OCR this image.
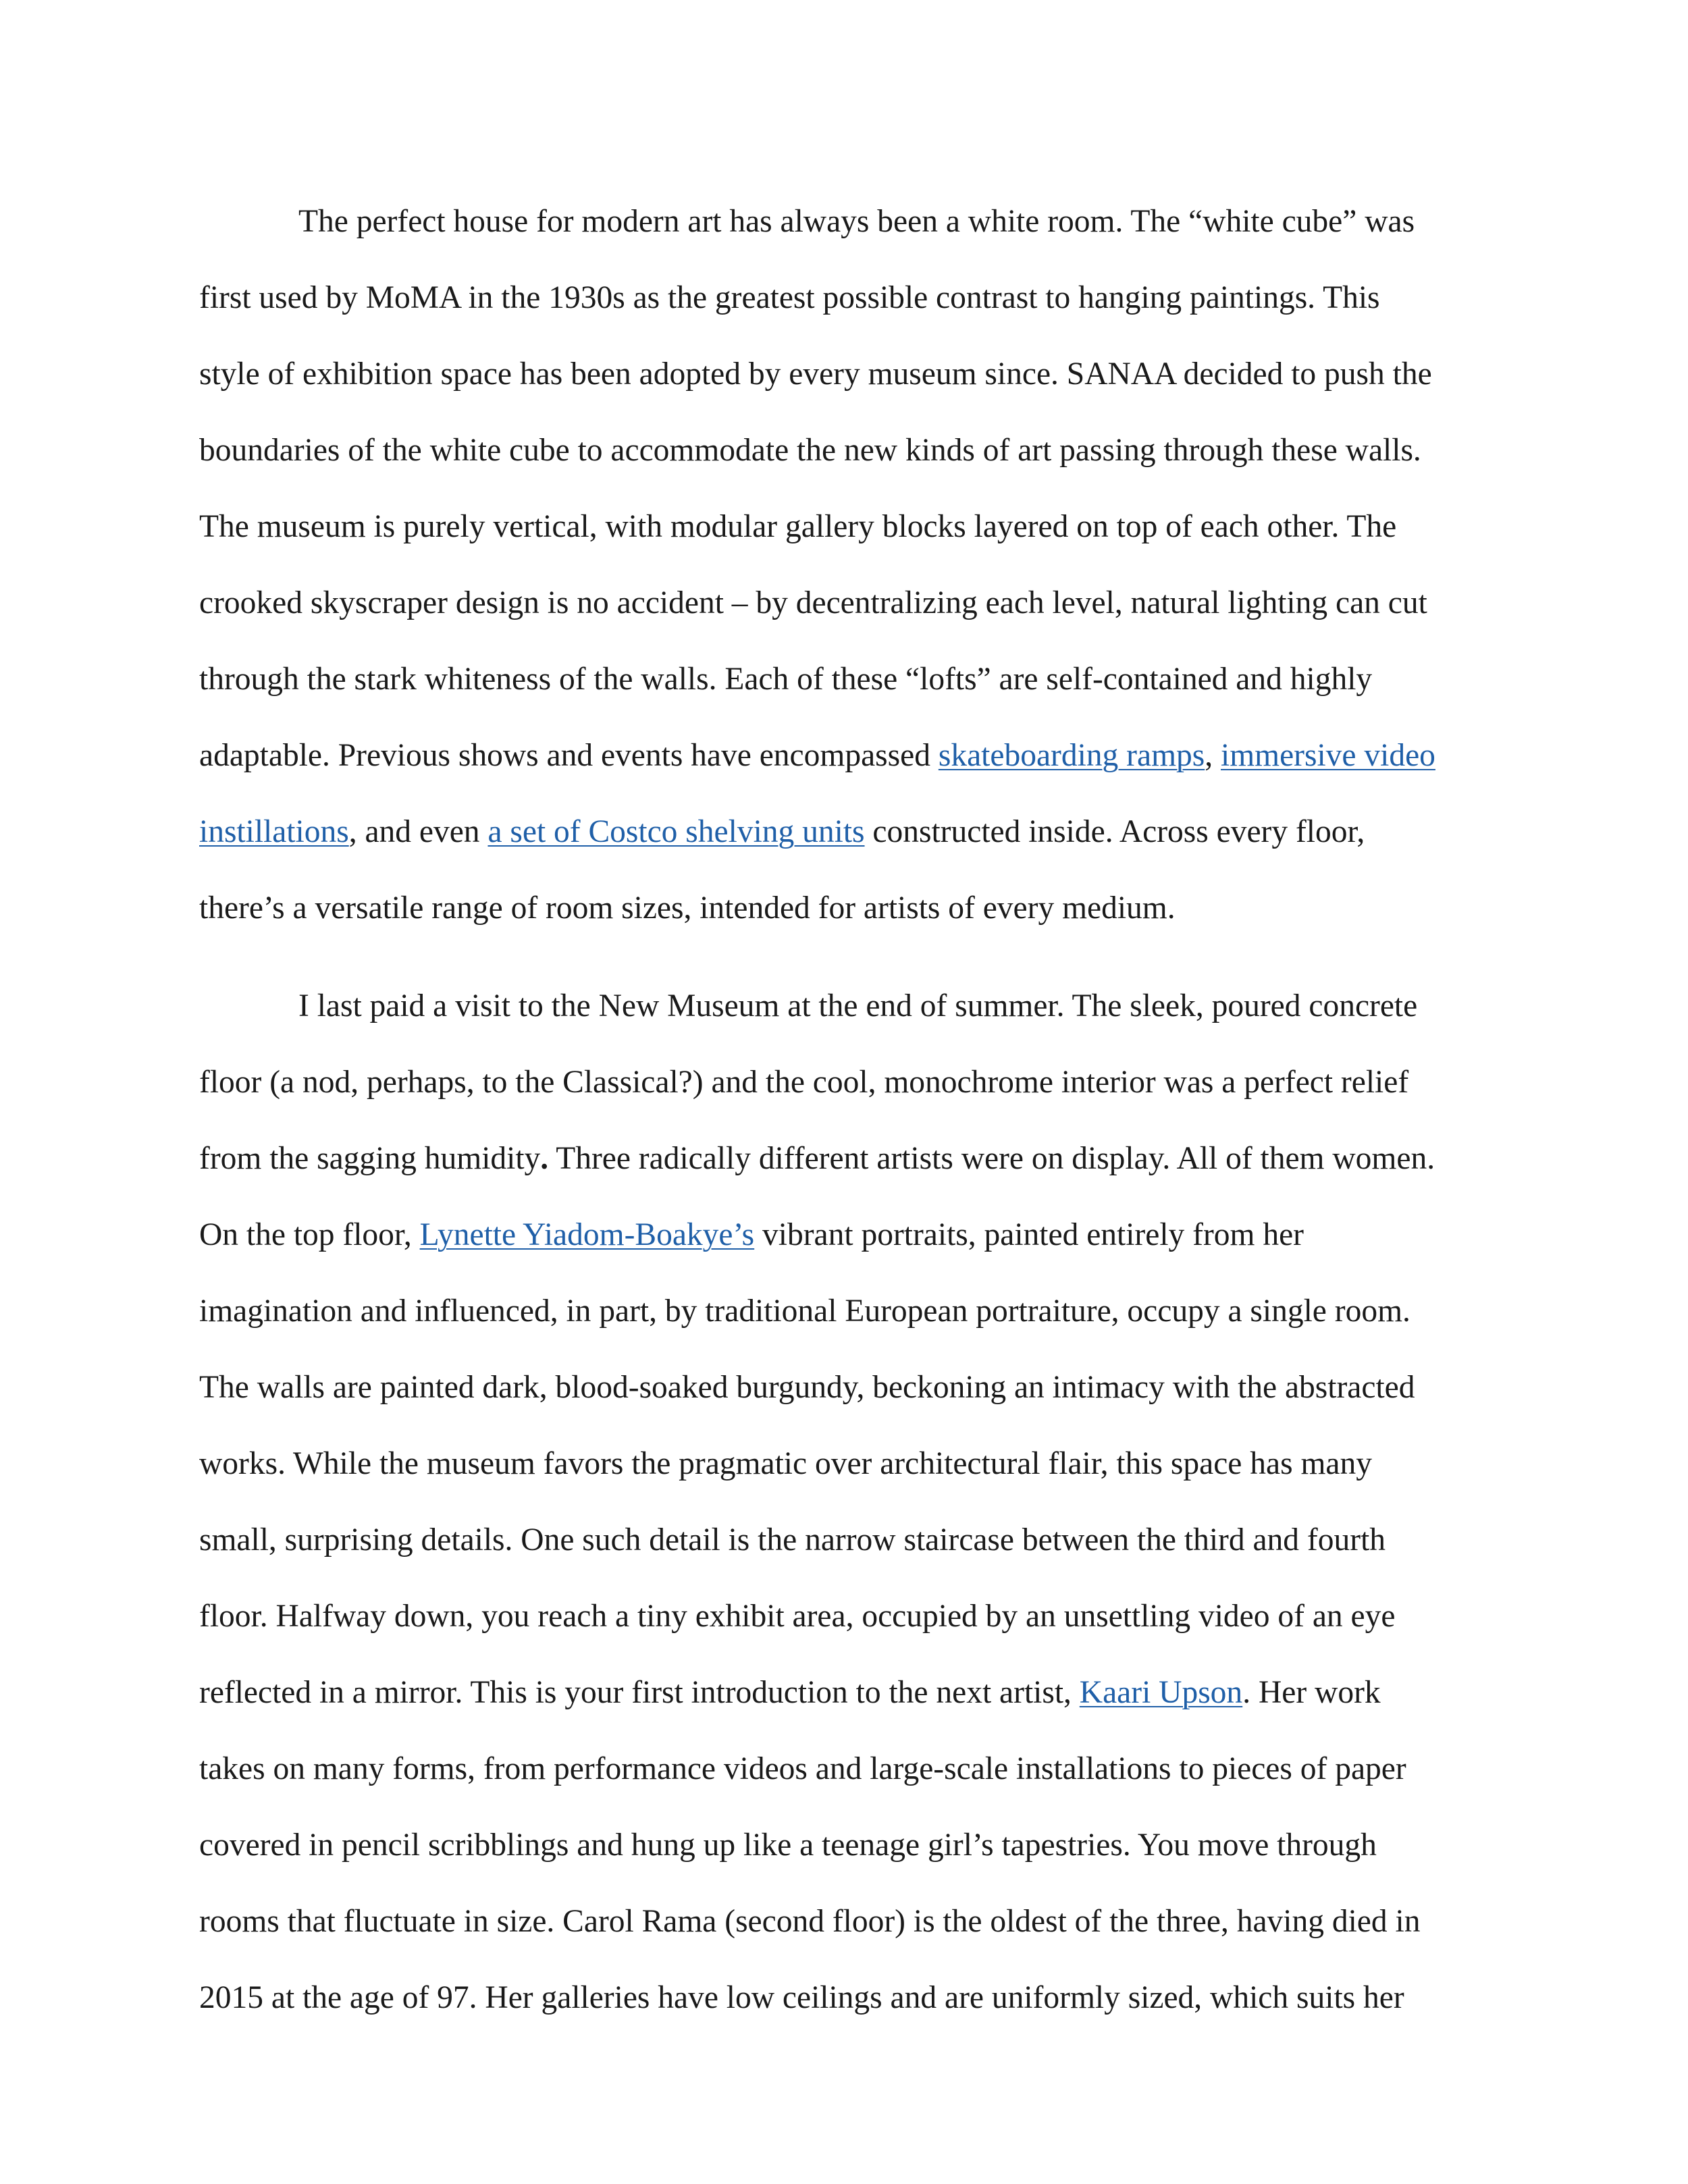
The perfect house for modern art has always been a white room. The “white cube” was
first used by MoMA in the 1930s as the greatest possible contrast to hanging paintings. This
style of exhibition space has been adopted by every museum since. SANAA decided to push the
boundaries of the white cube to accommodate the new kinds of art passing through these walls.
The museum is purely vertical, with modular gallery blocks layered on top of each other. The
crooked skyscraper design is no accident – by decentralizing each level, natural lighting can cut
through the stark whiteness of the walls. Each of these “lofts” are self-contained and highly
adaptable. Previous shows and events have encompassed skateboarding ramps, immersive video
instillations, and even a set of Costco shelving units constructed inside. Across every floor,
there’s a versatile range of room sizes, intended for artists of every medium.
I last paid a visit to the New Museum at the end of summer. The sleek, poured concrete
floor (a nod, perhaps, to the Classical?) and the cool, monochrome interior was a perfect relief
from the sagging humidity. Three radically different artists were on display. All of them women.
On the top floor, Lynette Yiadom-Boakye’s vibrant portraits, painted entirely from her
imagination and influenced, in part, by traditional European portraiture, occupy a single room.
The walls are painted dark, blood-soaked burgundy, beckoning an intimacy with the abstracted
works. While the museum favors the pragmatic over architectural flair, this space has many
small, surprising details. One such detail is the narrow staircase between the third and fourth
floor. Halfway down, you reach a tiny exhibit area, occupied by an unsettling video of an eye
reflected in a mirror. This is your first introduction to the next artist, Kaari Upson. Her work
takes on many forms, from performance videos and large-scale installations to pieces of paper
covered in pencil scribblings and hung up like a teenage girl’s tapestries. You move through
rooms that fluctuate in size. Carol Rama (second floor) is the oldest of the three, having died in
2015 at the age of 97. Her galleries have low ceilings and are uniformly sized, which suits her
